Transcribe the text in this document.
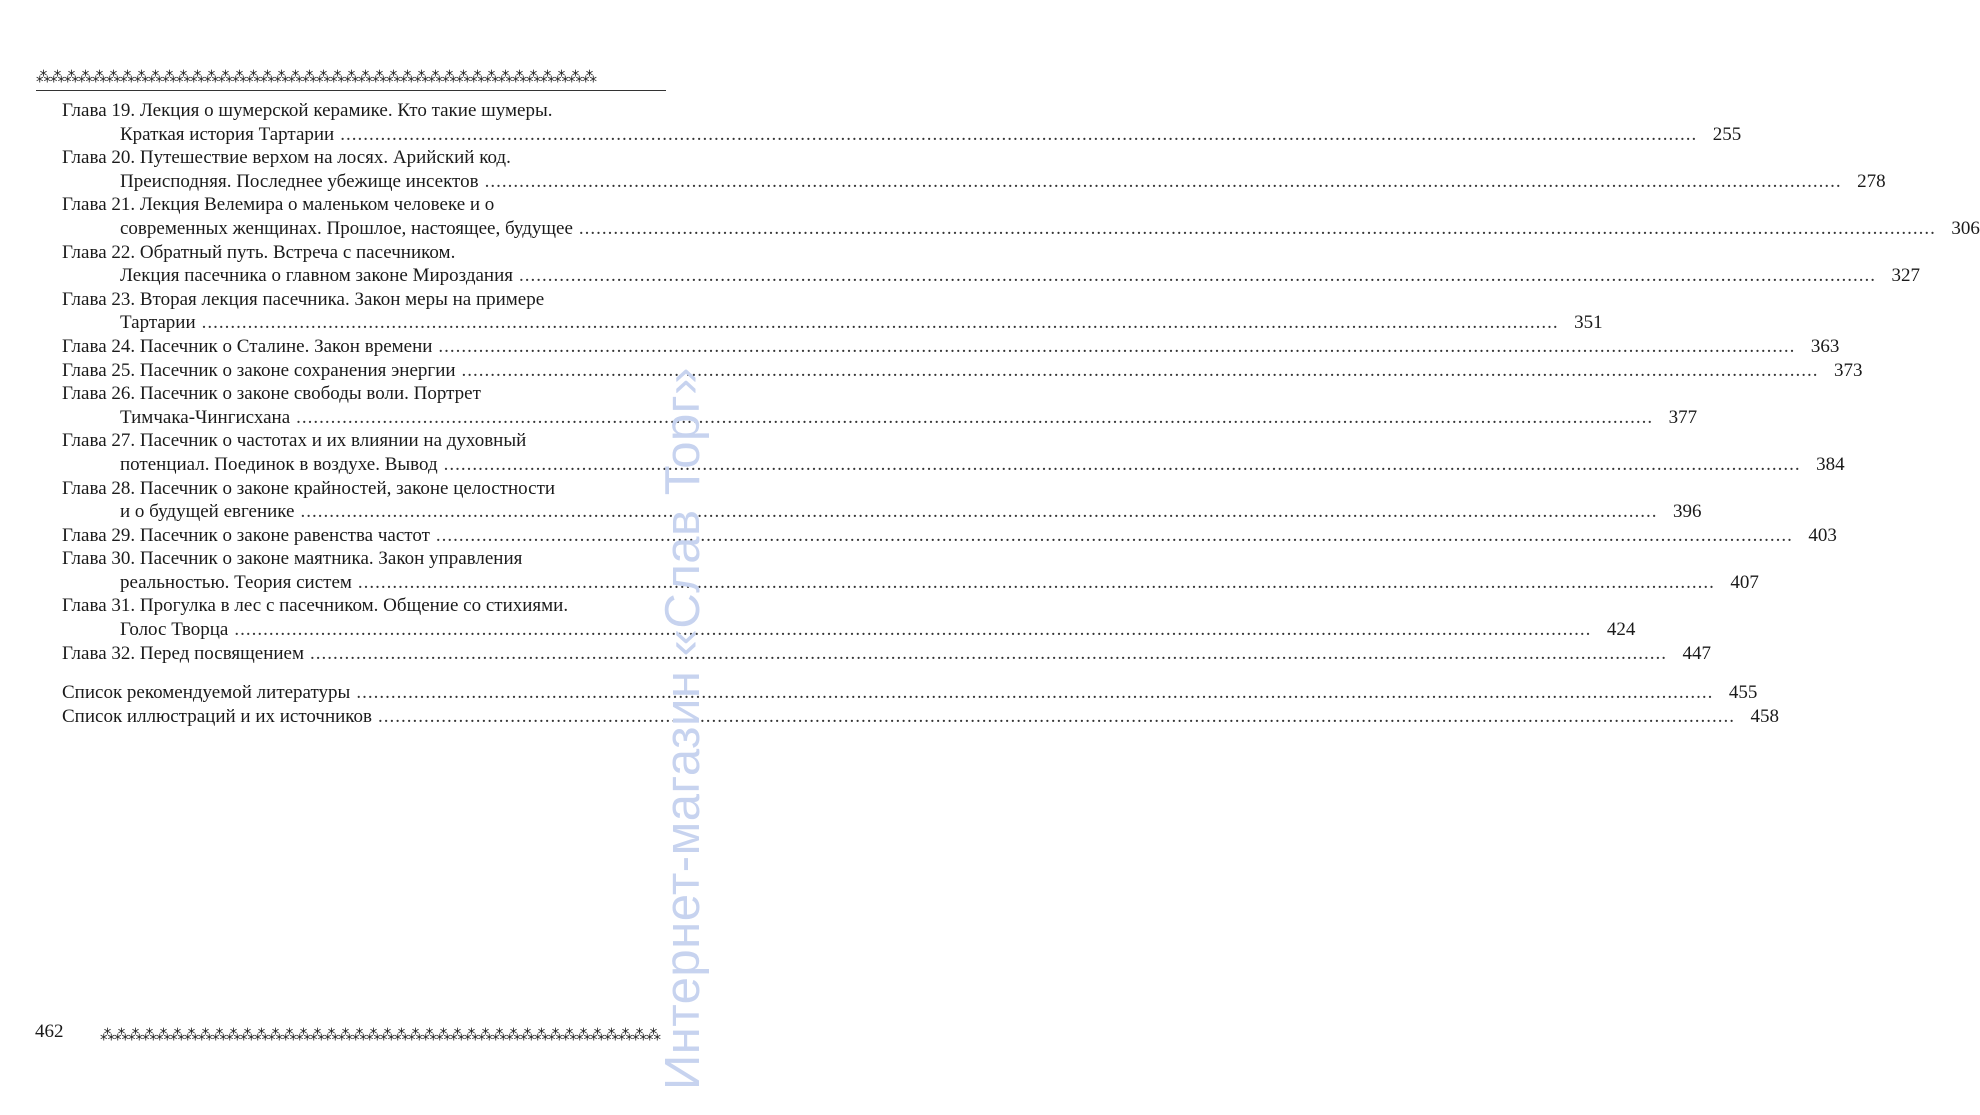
⁂⁂⁂⁂⁂⁂⁂⁂⁂⁂⁂⁂⁂⁂⁂⁂⁂⁂⁂⁂⁂⁂⁂⁂⁂⁂⁂⁂⁂⁂⁂⁂⁂⁂⁂⁂⁂⁂⁂⁂
Глава 19. Лекция о шумерской керамике. Кто такие шумеры.
Краткая история Тартарии .....	255
Глава 20. Путешествие верхом на лосях. Арийский код.
Преисподняя. Последнее убежище инсектов .....	278
Глава 21. Лекция Велемира о маленьком человеке и о
современных женщинах. Прошлое, настоящее, будущее .....	306
Глава 22. Обратный путь. Встреча с пасечником.
Лекция пасечника о главном законе Мироздания .....	327
Глава 23. Вторая лекция пасечника. Закон меры на примере
Тартарии .....	351
Глава 24. Пасечник о Сталине. Закон времени .....	363
Глава 25. Пасечник о законе сохранения энергии .....	373
Глава 26. Пасечник о законе свободы воли. Портрет
Тимчака-Чингисхана .....	377
Глава 27. Пасечник о частотах и их влиянии на духовный
потенциал. Поединок в воздухе. Вывод .....	384
Глава 28. Пасечник о законе крайностей, законе целостности
и о будущей евгенике .....	396
Глава 29. Пасечник о законе равенства частот .....	403
Глава 30. Пасечник о законе маятника. Закон управления
реальностью. Теория систем .....	407
Глава 31. Прогулка в лес с пасечником. Общение со стихиями.
Голос Творца .....	424
Глава 32. Перед посвящением .....	447
Список рекомендуемой литературы .....	455
Список иллюстраций и их источников .....	458
462 ⁂⁂⁂⁂⁂⁂⁂⁂⁂⁂⁂⁂⁂⁂⁂⁂⁂⁂⁂⁂⁂⁂⁂⁂⁂⁂⁂⁂⁂⁂⁂⁂⁂⁂⁂⁂⁂⁂⁂⁂
Интернет-магазин «Слав Торг»
